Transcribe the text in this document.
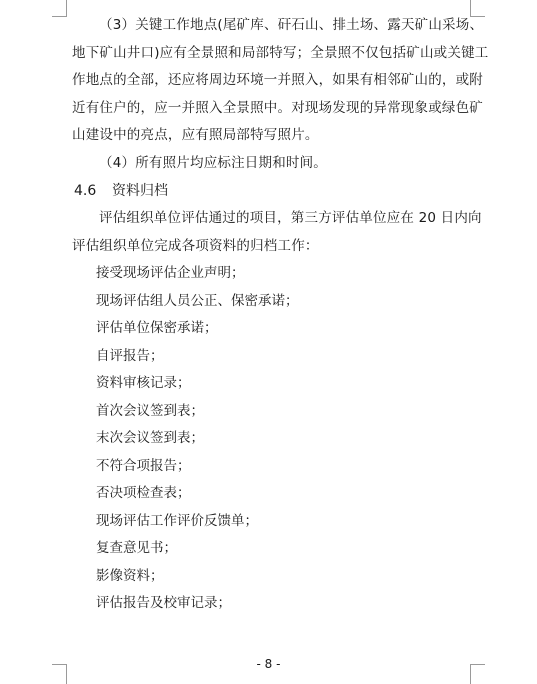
（3）关键工作地点(尾矿库、矸石山、排土场、露天矿山采场、地下矿山井口)应有全景照和局部特写；全景照不仅包括矿山或关键工作地点的全部，还应将周边环境一并照入，如果有相邻矿山的，或附近有住户的，应一并照入全景照中。对现场发现的异常现象或绿色矿山建设中的亮点，应有照局部特写照片。

（4）所有照片均应标注日期和时间。

4.6 资料归档

评估组织单位评估通过的项目，第三方评估单位应在 20 日内向评估组织单位完成各项资料的归档工作：

接受现场评估企业声明；

现场评估组人员公正、保密承诺；

评估单位保密承诺；

自评报告；

资料审核记录；

首次会议签到表；

末次会议签到表；

不符合项报告；

否决项检查表；

现场评估工作评价反馈单；

复查意见书；

影像资料；

评估报告及校审记录；

- 8 -
